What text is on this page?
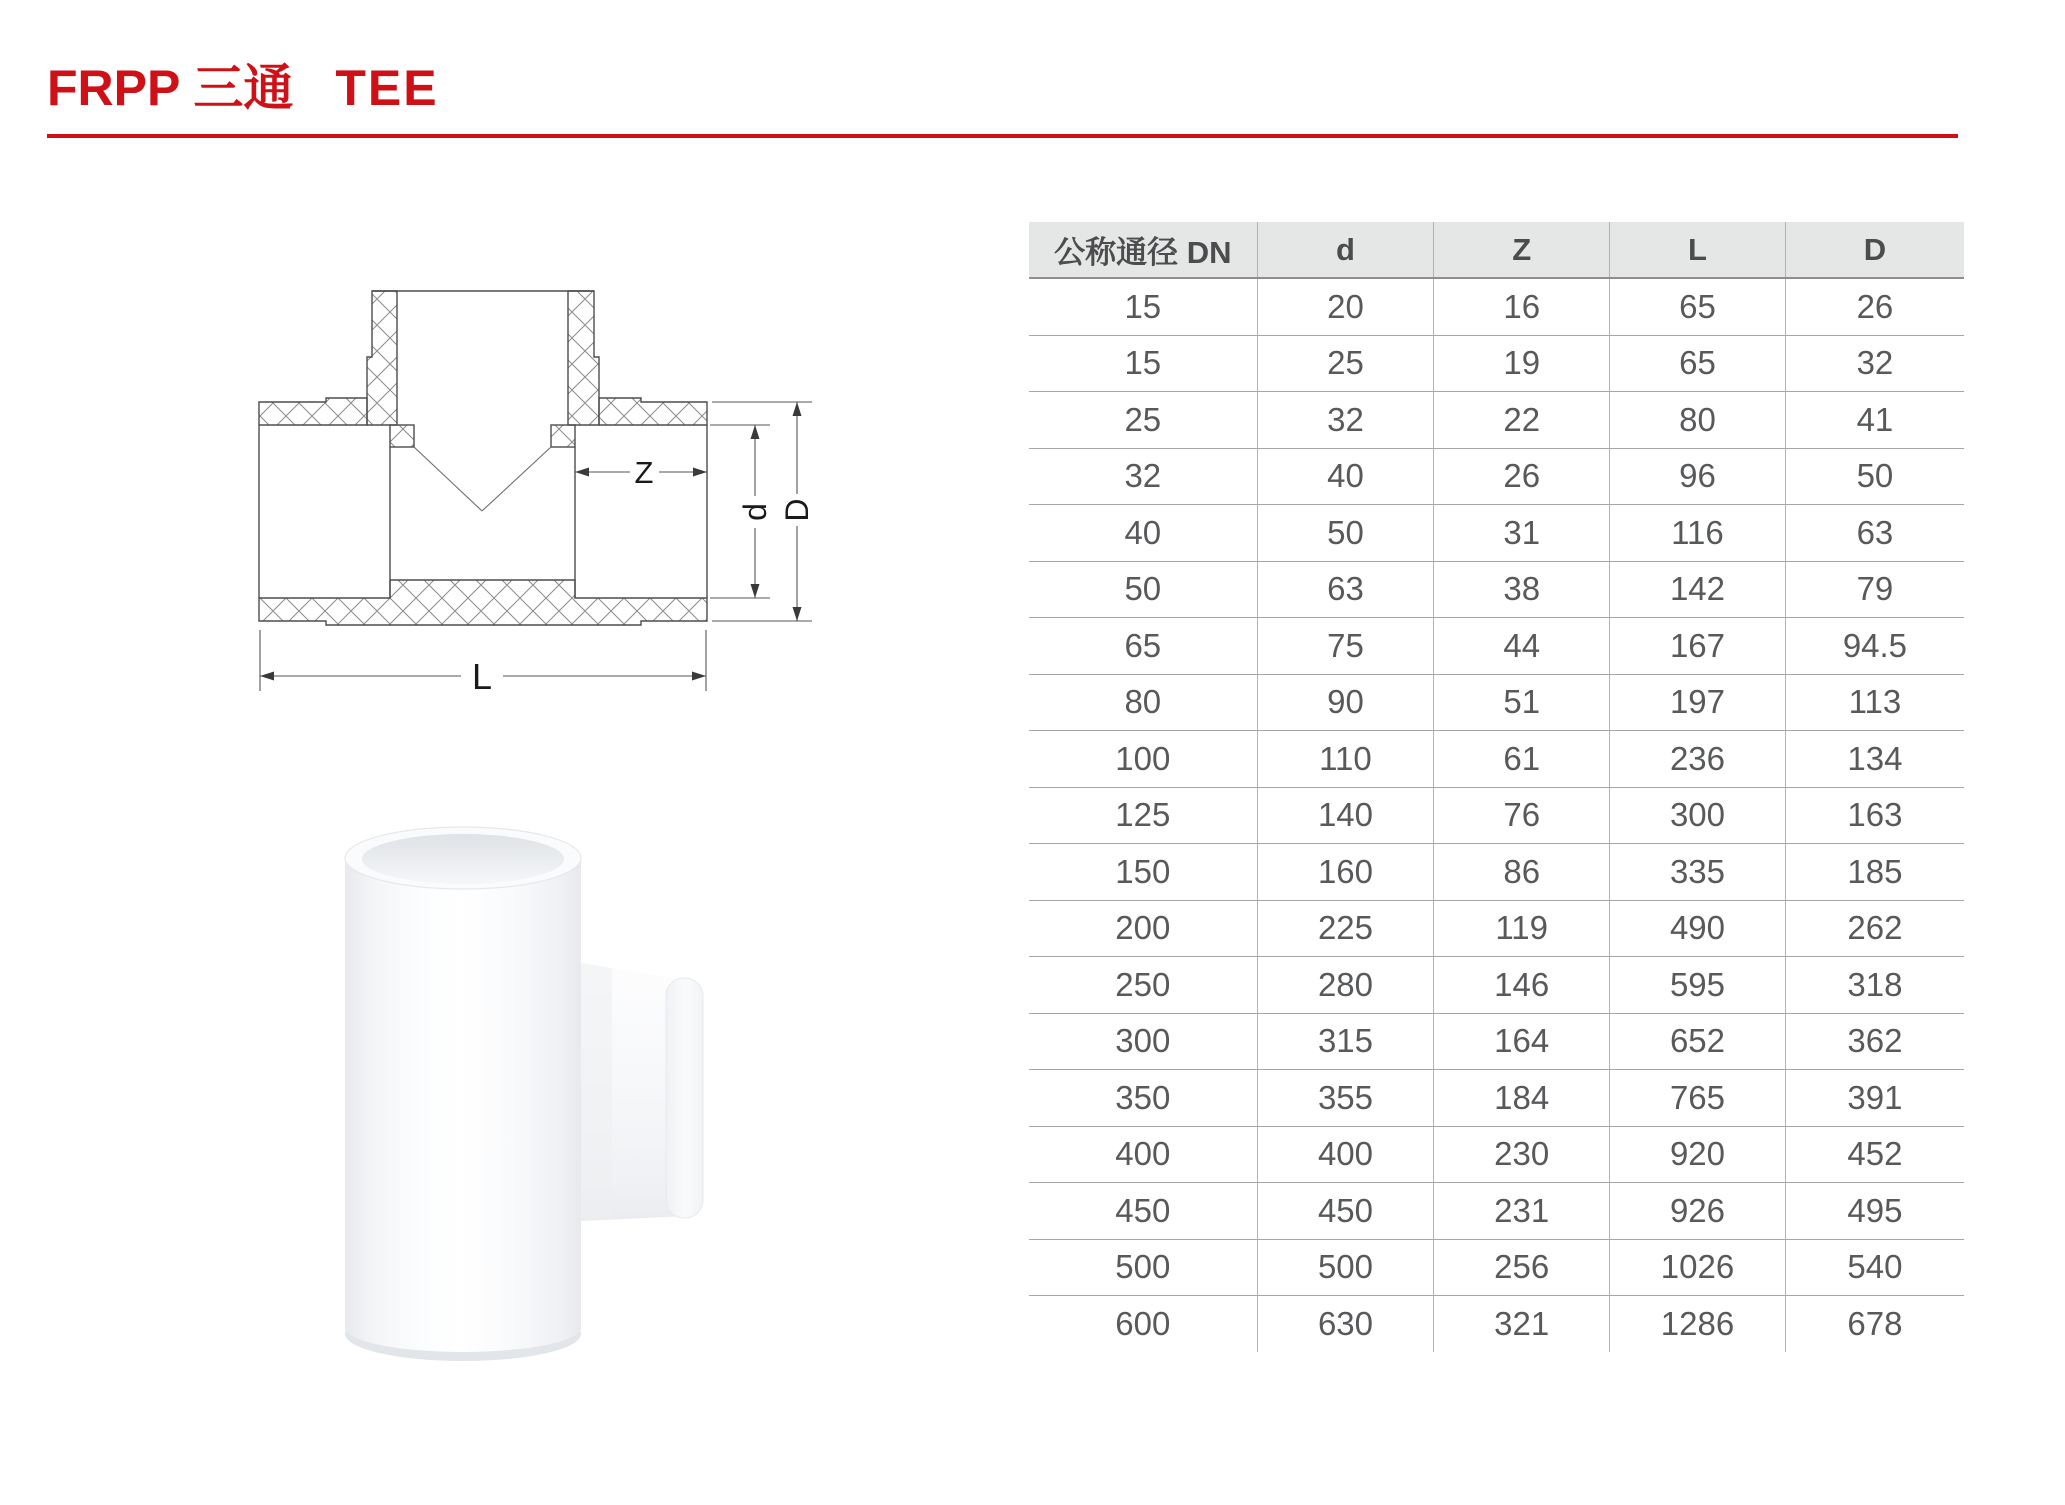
FRPP 三通 TEE
Z
d D
L
公称通径 DN	d	Z	L	D
15	20	16	65	26
15	25	19	65	32
25	32	22	80	41
32	40	26	96	50
40	50	31	116	63
50	63	38	142	79
65	75	44	167	94.5
80	90	51	197	113
100	110	61	236	134
125	140	76	300	163
150	160	86	335	185
200	225	119	490	262
250	280	146	595	318
300	315	164	652	362
350	355	184	765	391
400	400	230	920	452
450	450	231	926	495
500	500	256	1026	540
600	630	321	1286	678
